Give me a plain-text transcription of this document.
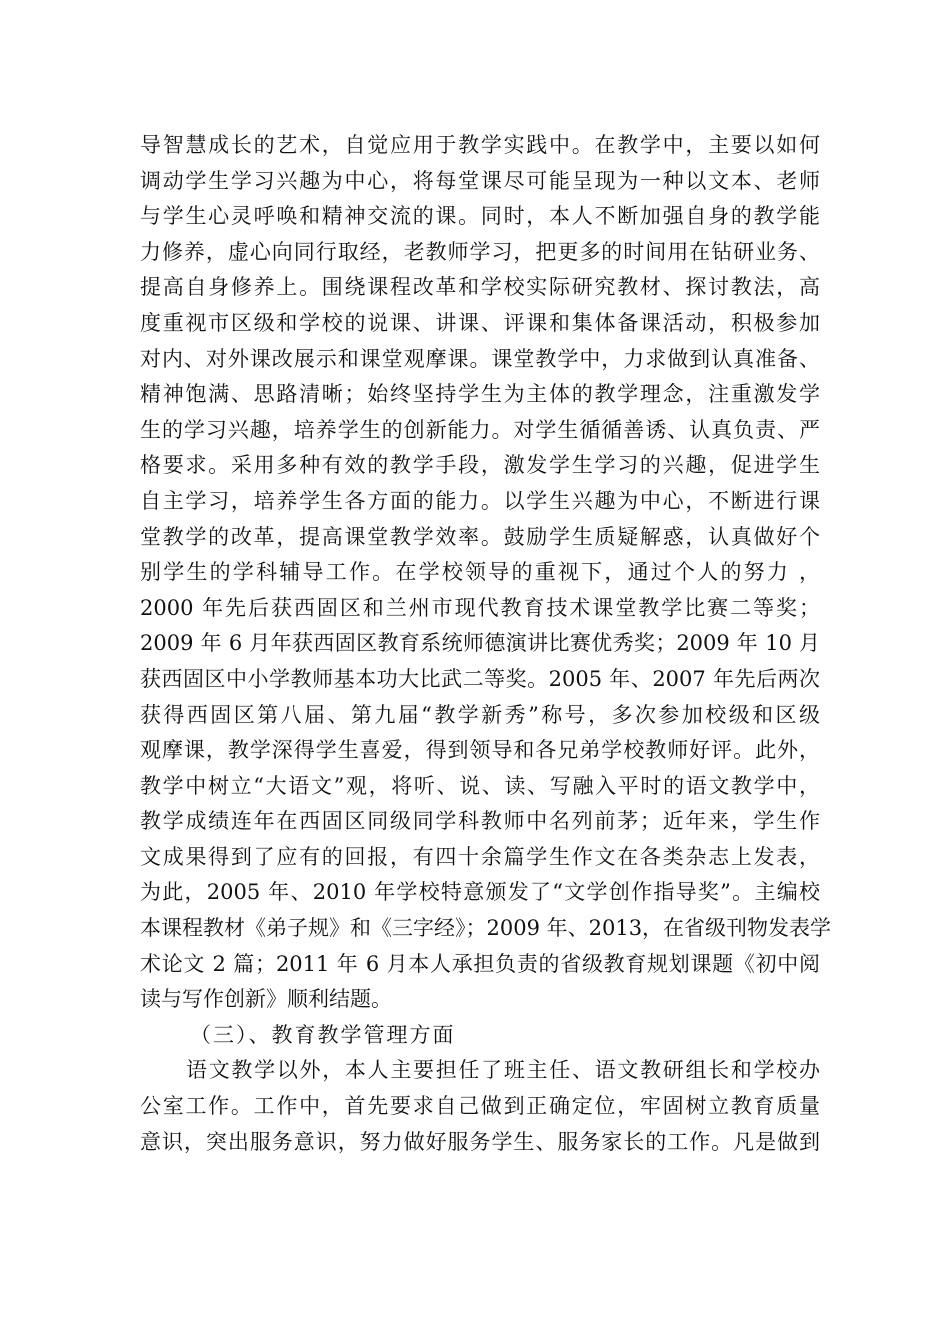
导智慧成长的艺术，自觉应用于教学实践中。在教学中，主要以如何
调动学生学习兴趣为中心，将每堂课尽可能呈现为一种以文本、老师
与学生心灵呼唤和精神交流的课。同时，本人不断加强自身的教学能
力修养，虚心向同行取经，老教师学习，把更多的时间用在钻研业务、
提高自身修养上。围绕课程改革和学校实际研究教材、探讨教法，高
度重视市区级和学校的说课、讲课、评课和集体备课活动，积极参加
对内、对外课改展示和课堂观摩课。课堂教学中，力求做到认真准备、
精神饱满、思路清晰；始终坚持学生为主体的教学理念，注重激发学
生的学习兴趣，培养学生的创新能力。对学生循循善诱、认真负责、严
格要求。采用多种有效的教学手段，激发学生学习的兴趣，促进学生
自主学习，培养学生各方面的能力。以学生兴趣为中心，不断进行课
堂教学的改革，提高课堂教学效率。鼓励学生质疑解惑，认真做好个
别学生的学科辅导工作。在学校领导的重视下，通过个人的努力 ，
2000 年先后获西固区和兰州市现代教育技术课堂教学比赛二等奖；
2009 年 6 月年获西固区教育系统师德演讲比赛优秀奖；2009 年 10 月
获西固区中小学教师基本功大比武二等奖。2005 年、2007 年先后两次
获得西固区第八届、第九届“教学新秀”称号，多次参加校级和区级
观摩课，教学深得学生喜爱，得到领导和各兄弟学校教师好评。此外，
教学中树立“大语文”观，将听、说、读、写融入平时的语文教学中，
教学成绩连年在西固区同级同学科教师中名列前茅；近年来，学生作
文成果得到了应有的回报，有四十余篇学生作文在各类杂志上发表，
为此，2005 年、2010 年学校特意颁发了“文学创作指导奖”。主编校
本课程教材《弟子规》和《三字经》；2009 年、2013，在省级刊物发表学
术论文 2 篇；2011 年 6 月本人承担负责的省级教育规划课题《初中阅
读与写作创新》顺利结题。
（三）、教育教学管理方面
语文教学以外，本人主要担任了班主任、语文教研组长和学校办
公室工作。工作中，首先要求自己做到正确定位，牢固树立教育质量
意识，突出服务意识，努力做好服务学生、服务家长的工作。凡是做到
